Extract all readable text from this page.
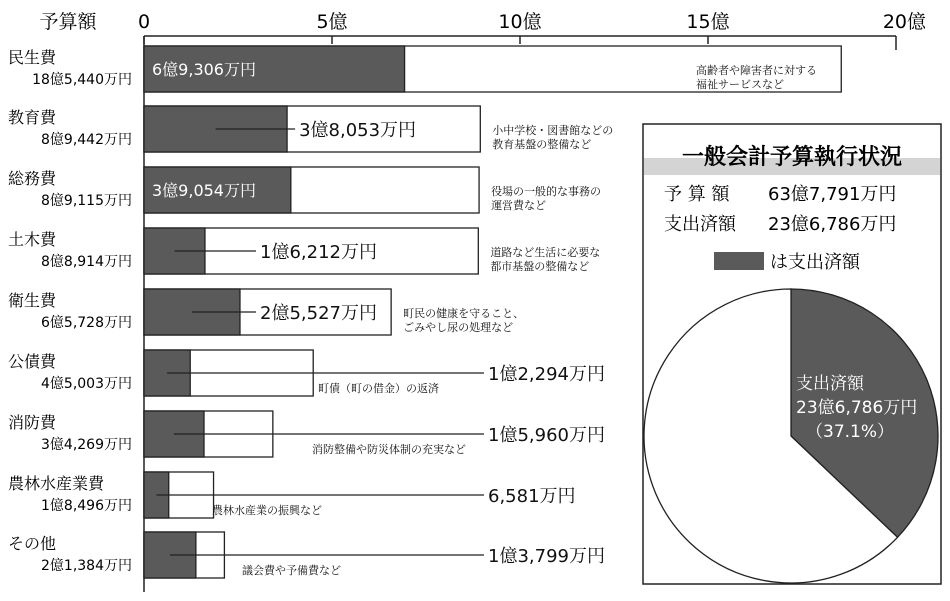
予算額 0	5億	10億	15億	20億
民生費
18億5,440万円
6億9,306万円	高齢者や障害者に対する
福祉サービスなど
教育費
8億9,442万円	3億8,053万円	小中学校・図書館などの
教育基盤の整備など
総務費
8億9,115万円
3億9,054万円	役場の一般的な事務の
運営費など
土木費
8億8,914万円	1億6,212万円	道路など生活に必要な
都市基盤の整備など
衛生費
6億5,728万円	2億5,527万円 町民の健康を守ること、
ごみやし尿の処理など
公債費
4億5,003万円	1億2,294万円
町債（町の借金）の返済
消防費
3億4,269万円	1億5,960万円
消防整備や防災体制の充実など
農林水産業費
1億8,496万円	6,581万円
農林水産業の振興など
その他
2億1,384万円	1億3,799万円
議会費や予備費など
一般会計予算執行状況
予 算 額 63億7,791万円
支出済額 23億6,786万円
は支出済額
支出済額
23億6,786万円
（37.1%）
